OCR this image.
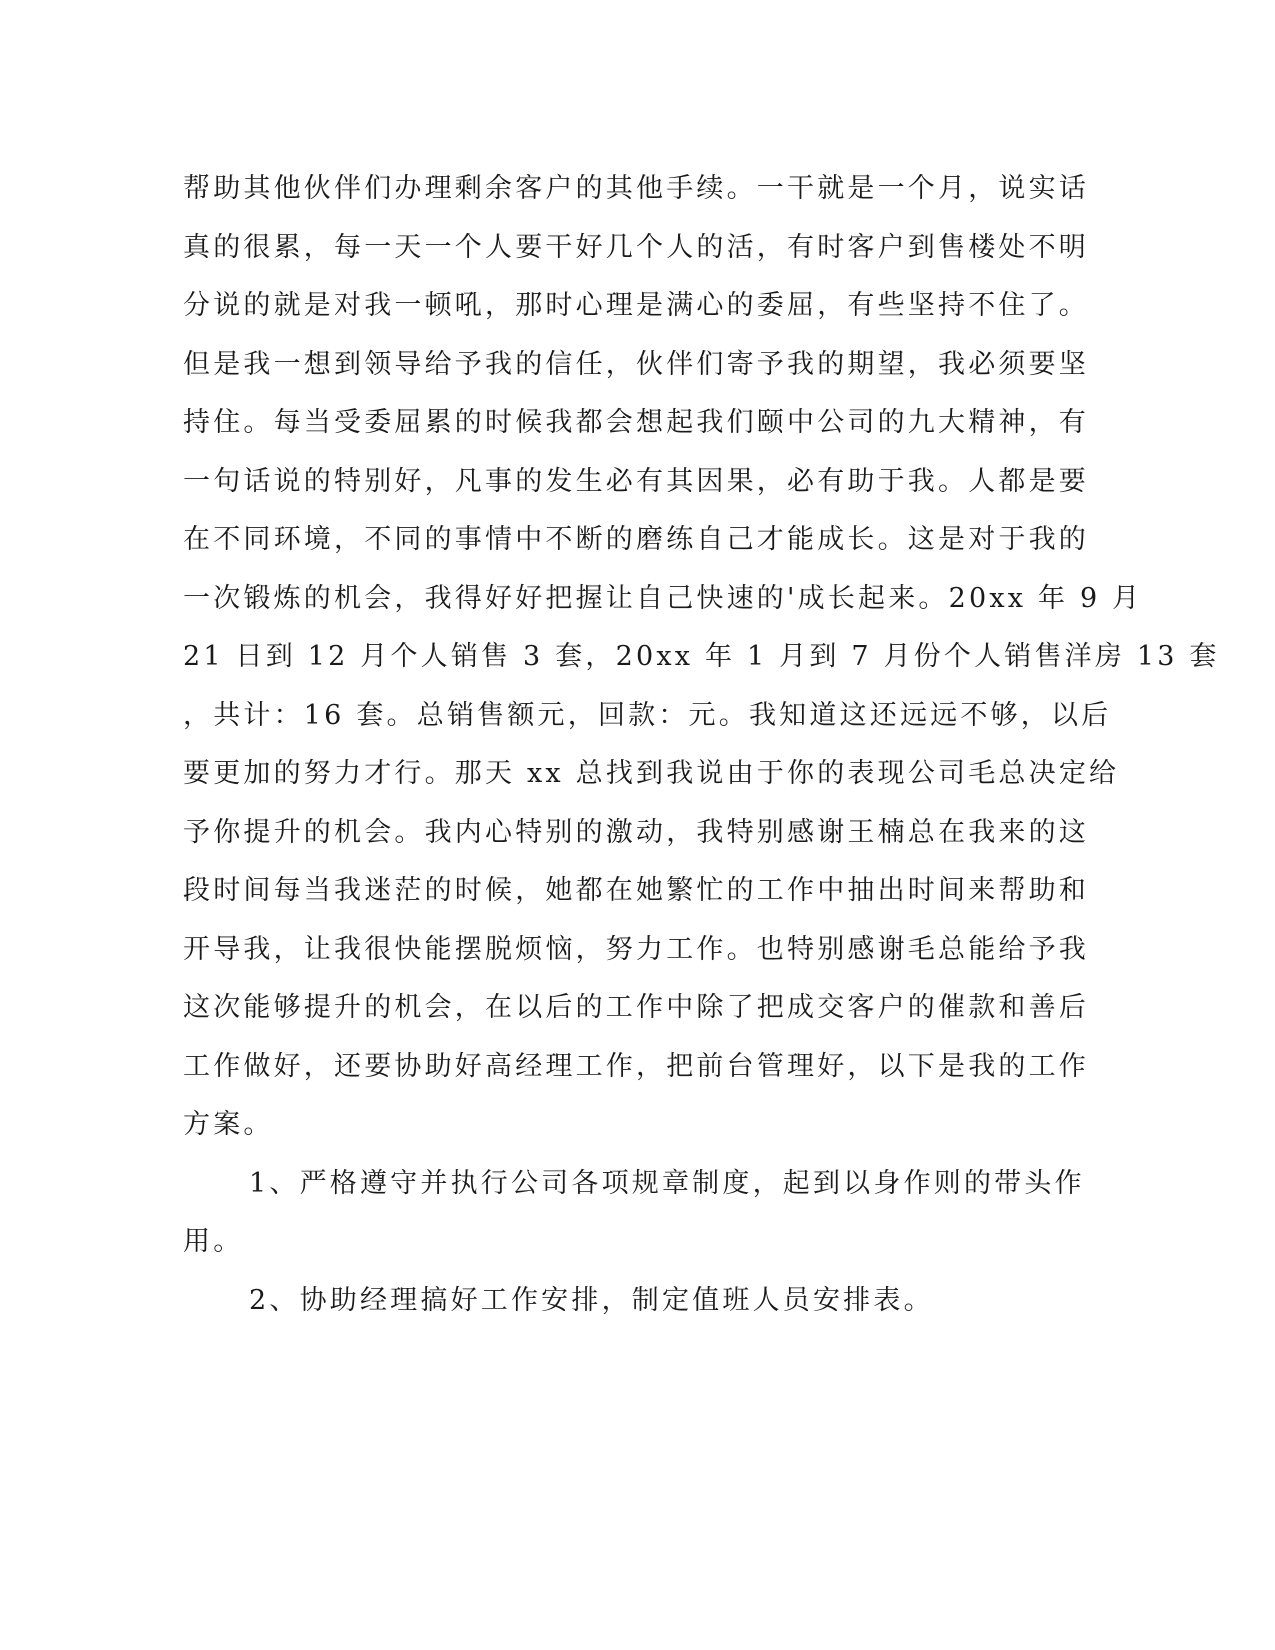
帮助其他伙伴们办理剩余客户的其他手续。一干就是一个月，说实话
真的很累，每一天一个人要干好几个人的活，有时客户到售楼处不明
分说的就是对我一顿吼，那时心理是满心的委屈，有些坚持不住了。
但是我一想到领导给予我的信任，伙伴们寄予我的期望，我必须要坚
持住。每当受委屈累的时候我都会想起我们颐中公司的九大精神，有
一句话说的特别好，凡事的发生必有其因果，必有助于我。人都是要
在不同环境，不同的事情中不断的磨练自己才能成长。这是对于我的
一次锻炼的机会，我得好好把握让自己快速的'成长起来。20xx 年 9 月
21 日到 12 月个人销售 3 套，20xx 年 1 月到 7 月份个人销售洋房 13 套
，共计：16 套。总销售额元，回款：元。我知道这还远远不够，以后
要更加的努力才行。那天 xx 总找到我说由于你的表现公司毛总决定给
予你提升的机会。我内心特别的激动，我特别感谢王楠总在我来的这
段时间每当我迷茫的时候，她都在她繁忙的工作中抽出时间来帮助和
开导我，让我很快能摆脱烦恼，努力工作。也特别感谢毛总能给予我
这次能够提升的机会，在以后的工作中除了把成交客户的催款和善后
工作做好，还要协助好高经理工作，把前台管理好，以下是我的工作
方案。
1、严格遵守并执行公司各项规章制度，起到以身作则的带头作
用。
2、协助经理搞好工作安排，制定值班人员安排表。
